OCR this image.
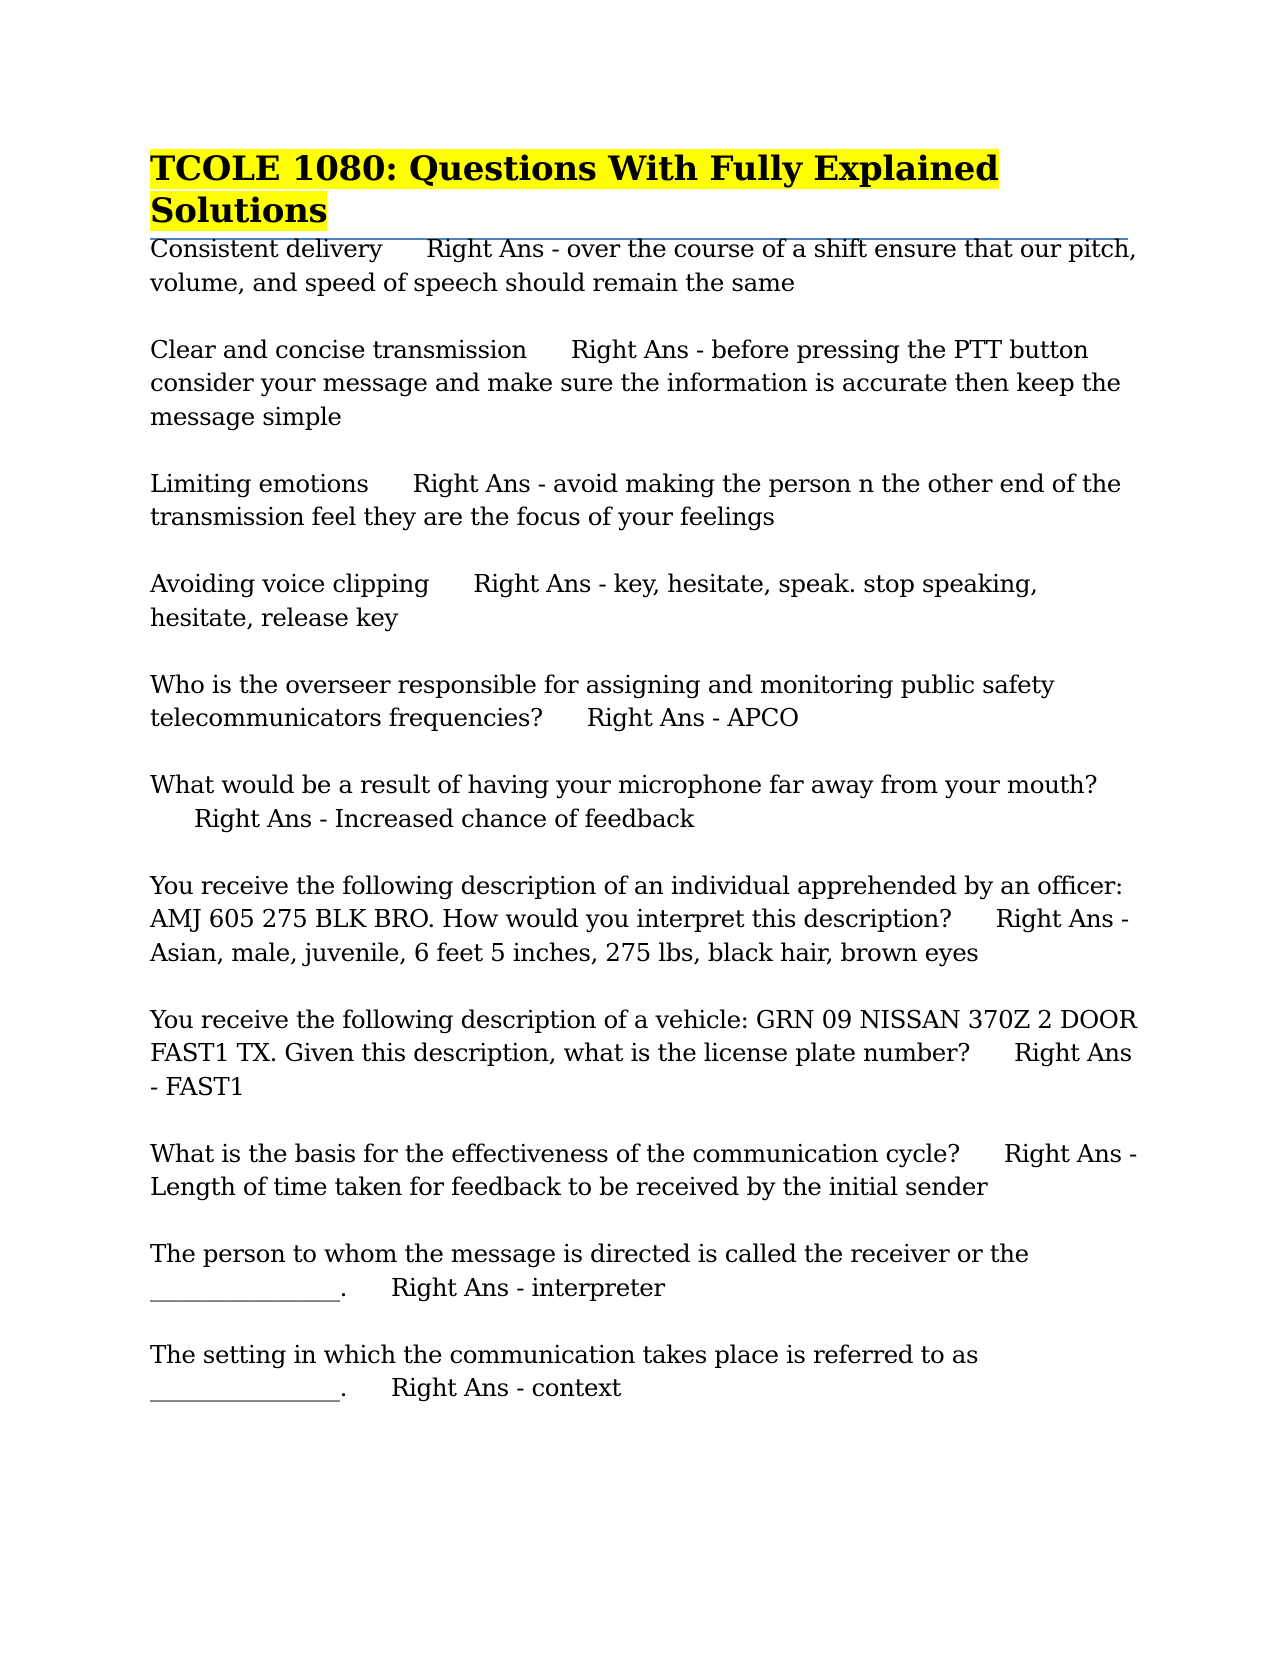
TCOLE 1080: Questions With Fully Explained Solutions

Consistent delivery Right Ans - over the course of a shift ensure that our pitch, volume, and speed of speech should remain the same

Clear and concise transmission Right Ans - before pressing the PTT button consider your message and make sure the information is accurate then keep the message simple

Limiting emotions Right Ans - avoid making the person n the other end of the transmission feel they are the focus of your feelings

Avoiding voice clipping Right Ans - key, hesitate, speak. stop speaking, hesitate, release key

Who is the overseer responsible for assigning and monitoring public safety telecommunicators frequencies? Right Ans - APCO

What would be a result of having your microphone far away from your mouth?Right Ans - Increased chance of feedback

You receive the following description of an individual apprehended by an officer: AMJ 605 275 BLK BRO. How would you interpret this description? Right Ans - Asian, male, juvenile, 6 feet 5 inches, 275 lbs, black hair, brown eyes

You receive the following description of a vehicle: GRN 09 NISSAN 370Z 2 DOOR FAST1 TX. Given this description, what is the license plate number? Right Ans - FAST1

What is the basis for the effectiveness of the communication cycle? Right Ans - Length of time taken for feedback to be received by the initial sender

The person to whom the message is directed is called the receiver or the ________________. Right Ans - interpreter

The setting in which the communication takes place is referred to as ________________. Right Ans - context
